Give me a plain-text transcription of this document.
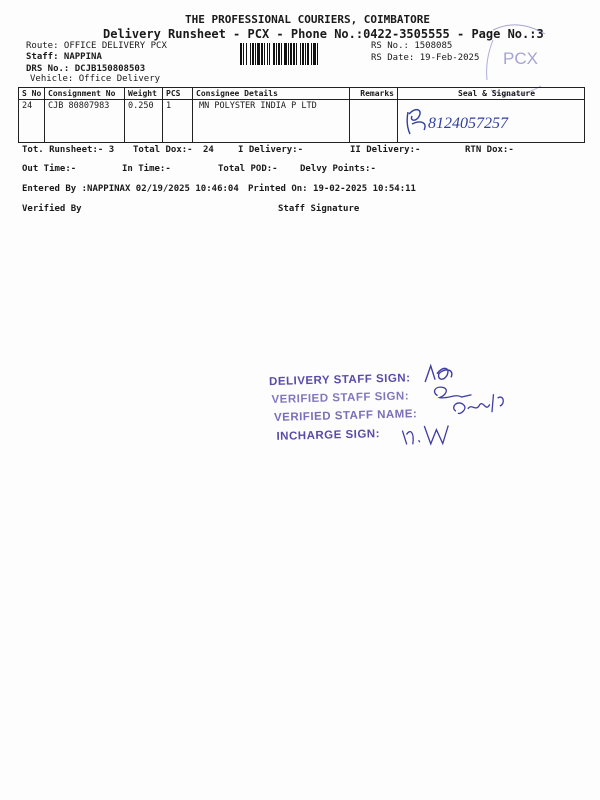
THE PROFESSIONAL COURIERS, COIMBATORE
Delivery Runsheet - PCX - Phone No.:0422-3505555 - Page No.:3
Route: OFFICE DELIVERY PCX
Staff: NAPPINA
DRS No.: DCJB150808503
Vehicle: Office Delivery
RS No.: 1508085
RS Date: 19-Feb-2025 PCX
S No	Consignment No	Weight	PCS	Consignee Details	Remarks	Seal & Signature
24	CJB 80807983	0.250	1	MN POLYSTER INDIA P LTD		8124057257
Tot. Runsheet:- 3 Total Dox:- 24	I Delivery:-	II Delivery:-	RTN Dox:-
Out Time:-	In Time:-	Total POD:- Delvy Points:-
Entered By :NAPPINAX 02/19/2025 10:46:04 Printed On: 19-02-2025 10:54:11
Verified By	Staff Signature
DELIVERY STAFF SIGN:
VERIFIED STAFF SIGN:
VERIFIED STAFF NAME:
INCHARGE SIGN:
